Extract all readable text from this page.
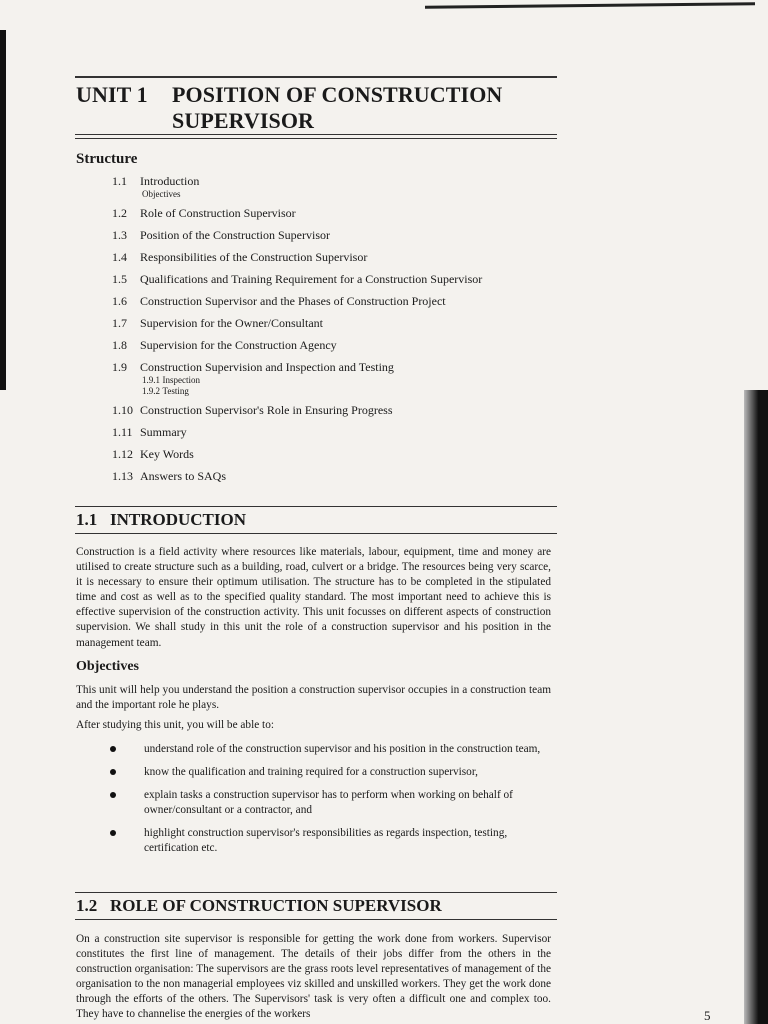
UNIT 1 POSITION OF CONSTRUCTION
SUPERVISOR
Structure
1.1	Introduction
Objectives
1.2	Role of Construction Supervisor
1.3	Position of the Construction Supervisor
1.4	Responsibilities of the Construction Supervisor
1.5	Qualifications and Training Requirement for a Construction Supervisor
1.6	Construction Supervisor and the Phases of Construction Project
1.7	Supervision for the Owner/Consultant
1.8	Supervision for the Construction Agency
1.9	Construction Supervision and Inspection and Testing
1.9.1 Inspection
1.9.2 Testing
1.10 Construction Supervisor's Role in Ensuring Progress
1.11 Summary
1.12 Key Words
1.13 Answers to SAQs
1.1 INTRODUCTION
Construction is a field activity where resources like materials, labour, equipment, time and money are utilised to create structure such as a building, road, culvert or a bridge. The resources being very scarce, it is necessary to ensure their optimum utilisation. The structure has to be completed in the stipulated time and cost as well as to the specified quality standard. The most important need to achieve this is effective supervision of the construction activity. This unit focusses on different aspects of construction supervision. We shall study in this unit the role of a construction supervisor and his position in the management team.
Objectives
This unit will help you understand the position a construction supervisor occupies in a construction team and the important role he plays.
After studying this unit, you will be able to:
understand role of the construction supervisor and his position in the construction team,
know the qualification and training required for a construction supervisor,
explain tasks a construction supervisor has to perform when working on behalf of owner/consultant or a contractor, and
highlight construction supervisor's responsibilities as regards inspection, testing, certification etc.
1.2 ROLE OF CONSTRUCTION SUPERVISOR
On a construction site supervisor is responsible for getting the work done from workers. Supervisor constitutes the first line of management. The details of their jobs differ from the others in the construction organisation: The supervisors are the grass roots level representatives of management of the organisation to the non managerial employees viz skilled and unskilled workers. They get the work done through the efforts of the others. The Supervisors' task is very often a difficult one and complex too. They have to channelise the energies of the workers	5
